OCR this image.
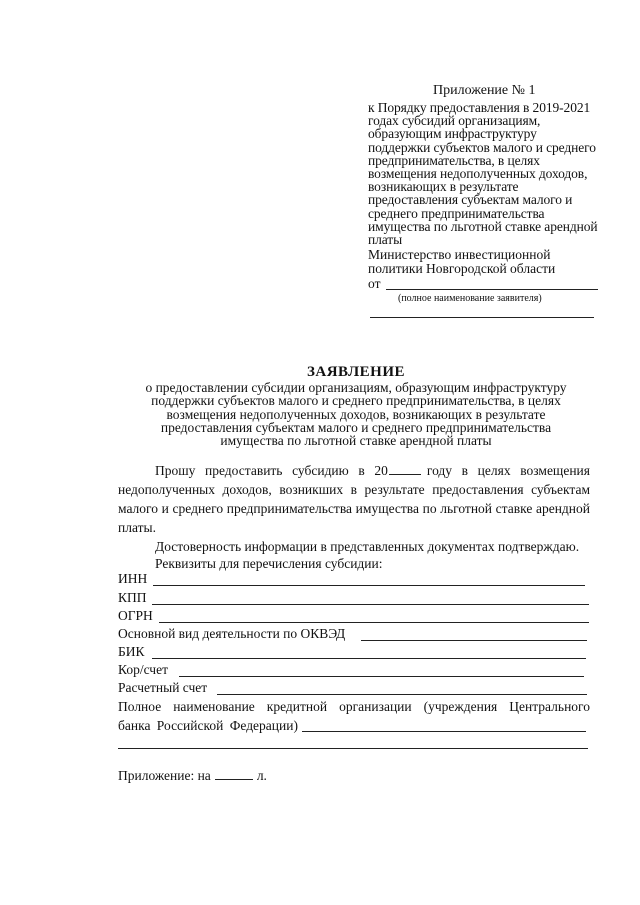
Приложение № 1
к Порядку предоставления в 2019-2021 годах субсидий организациям, образующим инфраструктуру поддержки субъектов малого и среднего предпринимательства, в целях возмещения недополученных доходов, возникающих в результате предоставления субъектам малого и среднего предпринимательства имущества по льготной ставке арендной платы
Министерство инвестиционной политики Новгородской области
от
(полное наименование заявителя)
ЗАЯВЛЕНИЕ
о предоставлении субсидии организациям, образующим инфраструктуру поддержки субъектов малого и среднего предпринимательства, в целях возмещения недополученных доходов, возникающих в результате предоставления субъектам малого и среднего предпринимательства имущества по льготной ставке арендной платы
Прошу предоставить субсидию в 20	году в целях возмещения недополученных доходов, возникших в результате предоставления субъектам малого и среднего предпринимательства имущества по льготной ставке арендной платы.
Достоверность информации в представленных документах подтверждаю.
Реквизиты для перечисления субсидии:
ИНН
КПП
ОГРН
Основной вид деятельности по ОКВЭД
БИК
Кор/счет
Расчетный счет
Полное наименование кредитной организации (учреждения Центрального банка Российской Федерации)
Приложение: на	л.
